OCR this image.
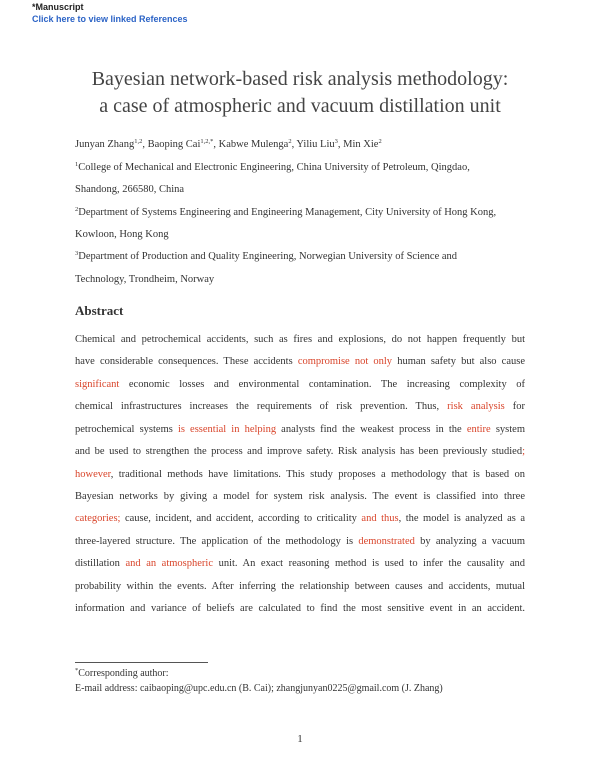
*Manuscript
Click here to view linked References
Bayesian network-based risk analysis methodology:
a case of atmospheric and vacuum distillation unit
Junyan Zhang$^{1,2}$, Baoping Cai$^{1,2,*}$, Kabwe Mulenga$^2$, Yiliu Liu$^3$, Min Xie$^2$
$^1$College of Mechanical and Electronic Engineering, China University of Petroleum, Qingdao,
Shandong, 266580, China
$^2$Department of Systems Engineering and Engineering Management, City University of Hong Kong,
Kowloon, Hong Kong
$^3$Department of Production and Quality Engineering, Norwegian University of Science and
Technology, Trondheim, Norway
Abstract
Chemical and petrochemical accidents, such as fires and explosions, do not happen frequently but
have considerable consequences. These accidents compromise not only human safety but also cause
significant economic losses and environmental contamination. The increasing complexity of
chemical infrastructures increases the requirements of risk prevention. Thus, risk analysis for
petrochemical systems is essential in helping analysts find the weakest process in the entire system
and be used to strengthen the process and improve safety. Risk analysis has been previously studied;
however, traditional methods have limitations. This study proposes a methodology that is based on
Bayesian networks by giving a model for system risk analysis. The event is classified into three
categories; cause, incident, and accident, according to criticality and thus, the model is analyzed as a
three-layered structure. The application of the methodology is demonstrated by analyzing a vacuum
distillation and an atmospheric unit. An exact reasoning method is used to infer the causality and
probability within the events. After inferring the relationship between causes and accidents, mutual
information and variance of beliefs are calculated to find the most sensitive event in an accident.
*Corresponding author:
E-mail address: caibaoping@upc.edu.cn (B. Cai); zhangjunyan0225@gmail.com (J. Zhang)
1
